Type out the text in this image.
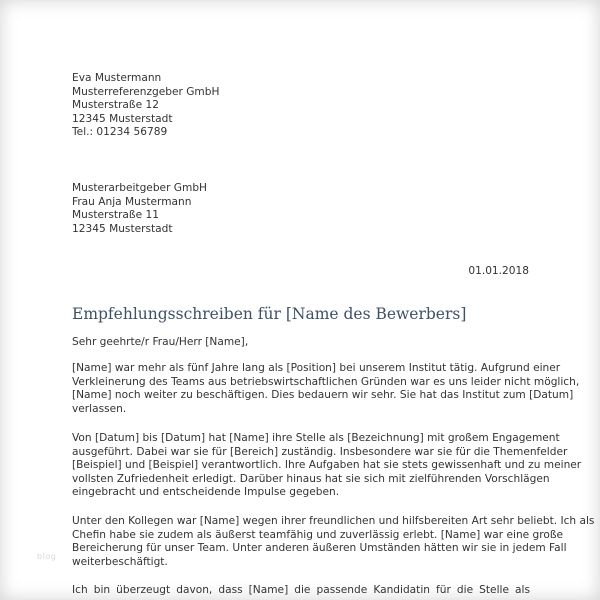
Eva Mustermann
Musterreferenzgeber GmbH
Musterstraße 12
12345 Musterstadt
Tel.: 01234 56789
Musterarbeitgeber GmbH
Frau Anja Mustermann
Musterstraße 11
12345 Musterstadt
01.01.2018
Empfehlungsschreiben für [Name des Bewerbers]
Sehr geehrte/r Frau/Herr [Name],
[Name] war mehr als fünf Jahre lang als [Position] bei unserem Institut tätig. Aufgrund einer
Verkleinerung des Teams aus betriebswirtschaftlichen Gründen war es uns leider nicht möglich,
[Name] noch weiter zu beschäftigen. Dies bedauern wir sehr. Sie hat das Institut zum [Datum]
verlassen.
Von [Datum] bis [Datum] hat [Name] ihre Stelle als [Bezeichnung] mit großem Engagement
ausgeführt. Dabei war sie für [Bereich] zuständig. Insbesondere war sie für die Themenfelder
[Beispiel] und [Beispiel] verantwortlich. Ihre Aufgaben hat sie stets gewissenhaft und zu meiner
vollsten Zufriedenheit erledigt. Darüber hinaus hat sie sich mit zielführenden Vorschlägen
eingebracht und entscheidende Impulse gegeben.
Unter den Kollegen war [Name] wegen ihrer freundlichen und hilfsbereiten Art sehr beliebt. Ich als
Chefin habe sie zudem als äußerst teamfähig und zuverlässig erlebt. [Name] war eine große
Bereicherung für unser Team. Unter anderen äußeren Umständen hätten wir sie in jedem Fall
weiterbeschäftigt.
Ich bin überzeugt davon, dass [Name] die passende Kandidatin für die Stelle als
blog
